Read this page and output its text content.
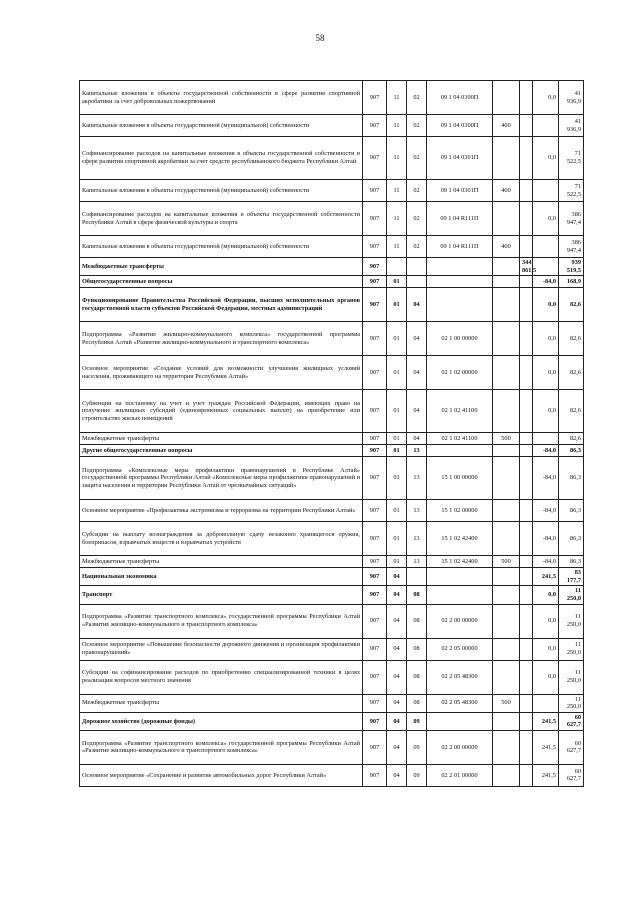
58
Капитальные вложения в объекты государственной собственности в сфере развития спортивной акробатики за счет добровольных пожертвований	907	11	02	09 1 04 0300П			0,0	41 936,9
Капитальные вложения в объекты государственной (муниципальной) собственности	907	11	02	09 1 04 0300П	400			41 936,9
Софинансирование расходов на капитальные вложения в объекты государственной собственности в сфере развития спортивной акробатики за счет средств республиканского бюджета Республики Алтай	907	11	02	09 1 04 0301П			0,0	71 522,5
Капитальные вложения в объекты государственной (муниципальной) собственности	907	11	02	09 1 04 0301П	400			71 522,5
Софинансирование расходов на капитальные вложения в объекты государственной собственности Республики Алтай в сфере физической культуры и спорта	907	11	02	09 1 04 R111П			0,0	386 947,4
Капитальные вложения в объекты государственной (муниципальной) собственности	907	11	02	09 1 04 R111П	400			386 947,4
Межбюджетные трансферты	907					344 861,5		939 519,5
Общегосударственные вопросы	907	01					-84,0	168,9
Функционирование Правительства Российской Федерации, высших исполнительных органов государственной власти субъектов Российской Федерации, местных администраций	907	01	04				0,0	82,6
Подпрограмма «Развитие жилищно-коммунального комплекса» государственной программы Республики Алтай «Развитие жилищно-коммунального и транспортного комплекса»	907	01	04	02 1 00 00000			0,0	82,6
Основное мероприятие «Создание условий для возможности улучшения жилищных условий населения, проживающего на территории Республики Алтай»	907	01	04	02 1 02 00000			0,0	82,6
Субвенции на постановку на учет и учет граждан Российской Федерации, имеющих право на получение жилищных субсидий (единовременных социальных выплат) на приобретение или строительство жилых помещений	907	01	04	02 1 02 41100			0,0	82,6
Межбюджетные трансферты	907	01	04	02 1 02 41100	500			82,6
Другие общегосударственные вопросы	907	01	13				-84,0	86,3
Подпрограмма «Комплексные меры профилактики правонарушений в Республике Алтай» государственной программы Республики Алтай «Комплексные меры профилактики правонарушений и защита населения и территории Республики Алтай от чрезвычайных ситуаций»	907	01	13	15 1 00 00000			-84,0	86,3
Основное мероприятие «Профилактика экстремизма и терроризма на территории Республики Алтай»	907	01	13	15 1 02 00000			-84,0	86,3
Субсидии на выплату вознаграждения за добровольную сдачу незаконно хранящегося оружия, боеприпасов, взрывчатых веществ и взрывчатых устройств	907	01	13	15 1 02 42400			-84,0	86,3
Межбюджетные трансферты	907	01	13	15 1 02 42400	500		-84,0	86,3
Национальная экономика	907	04					241,5	83 177,7
Транспорт	907	04	08				0,0	11 250,0
Подпрограмма «Развитие транспортного комплекса» государственной программы Республики Алтай «Развитие жилищно-коммунального и транспортного комплекса»	907	04	08	02 2 00 00000			0,0	11 250,0
Основное мероприятие «Повышение безопасности дорожного движения и организация профилактики правонарушений»	907	04	08	02 2 05 00000			0,0	11 250,0
Субсидии на софинансирование расходов по приобретению специализированной техники в целях реализации вопросов местного значения	907	04	08	02 2 05 48300			0,0	11 250,0
Межбюджетные трансферты	907	04	08	02 2 05 48300	500			11 250,0
Дорожное хозяйство (дорожные фонды)	907	04	09				241,5	60 627,7
Подпрограмма «Развитие транспортного комплекса» государственной программы Республики Алтай «Развитие жилищно-коммунального и транспортного комплекса»	907	04	09	02 2 00 00000			241,5	60 627,7
Основное мероприятие «Сохранение и развитие автомобильных дорог Республики Алтай»	907	04	09	02 2 01 00000			241,5	60 627,7
